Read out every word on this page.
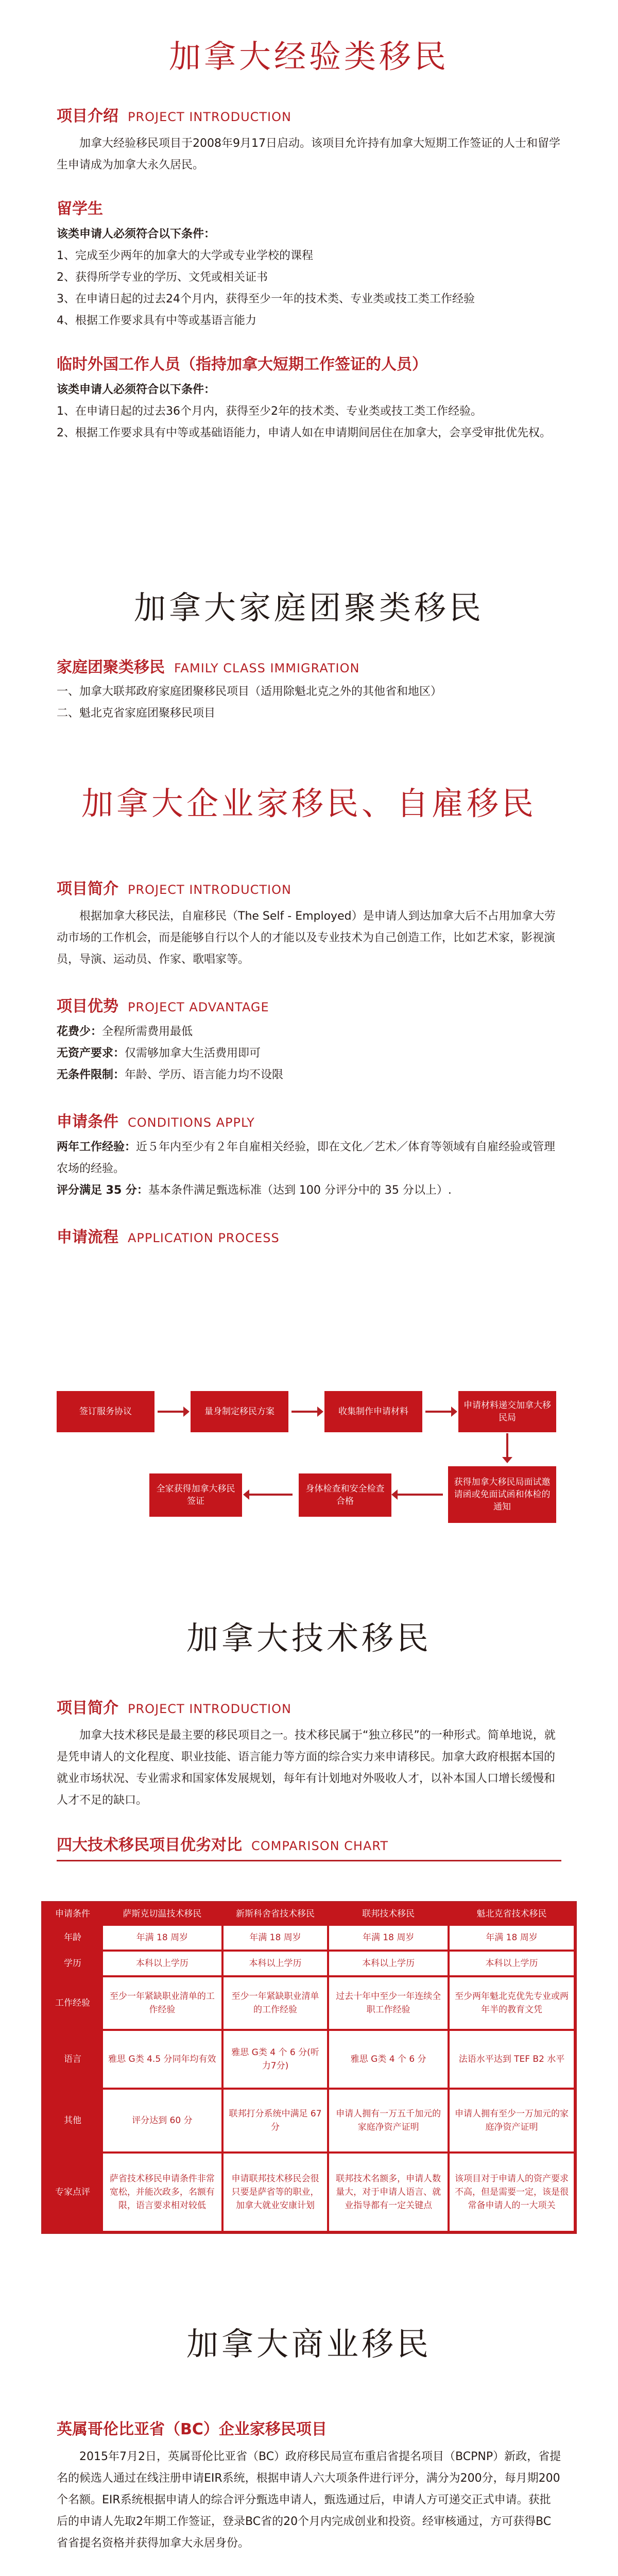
加拿大经验类移民
项目介绍 PROJECT INTRODUCTION
加拿大经验移民项目于2008年9月17日启动。该项目允许持有加拿大短期工作签证的人士和留学生申请成为加拿大永久居民。
留学生
该类申请人必须符合以下条件：
1、完成至少两年的加拿大的大学或专业学校的课程
2、获得所学专业的学历、文凭或相关证书
3、在申请日起的过去24个月内，获得至少一年的技术类、专业类或技工类工作经验
4、根据工作要求具有中等或基语言能力
临时外国工作人员（指持加拿大短期工作签证的人员）
该类申请人必须符合以下条件：
1、在申请日起的过去36个月内，获得至少2年的技术类、专业类或技工类工作经验。
2、根据工作要求具有中等或基础语能力，申请人如在申请期间居住在加拿大，会享受审批优先权。
加拿大家庭团聚类移民
家庭团聚类移民 FAMILY CLASS IMMIGRATION
一、加拿大联邦政府家庭团聚移民项目（适用除魁北克之外的其他省和地区）
二、魁北克省家庭团聚移民项目
加拿大企业家移民、自雇移民
项目简介 PROJECT INTRODUCTION
根据加拿大移民法，自雇移民（The Self - Employed）是申请人到达加拿大后不占用加拿大劳动市场的工作机会，而是能够自行以个人的才能以及专业技术为自己创造工作，比如艺术家，影视演员，导演、运动员、作家、歌唱家等。
项目优势 PROJECT ADVANTAGE
花费少：全程所需费用最低
无资产要求：仅需够加拿大生活费用即可
无条件限制：年龄、学历、语言能力均不设限
申请条件 CONDITIONS APPLY
两年工作经验：近５年内至少有２年自雇相关经验，即在文化／艺术／体育等领域有自雇经验或管理农场的经验。
评分满足 35 分：基本条件满足甄选标准（达到 100 分评分中的 35 分以上）.
申请流程 APPLICATION PROCESS
签订服务协议	量身制定移民方案	收集制作申请材料
申请材料递交加拿大移民局
获得加拿大移民局面试邀请函或免面试函和体检的通知
身体检查和安全检查合格
全家获得加拿大移民签证
加拿大技术移民
项目简介 PROJECT INTRODUCTION
加拿大技术移民是最主要的移民项目之一。技术移民属于“独立移民”的一种形式。简单地说，就是凭申请人的文化程度、职业技能、语言能力等方面的综合实力来申请移民。加拿大政府根据本国的就业市场状况、专业需求和国家体发展规划，每年有计划地对外吸收人才，以补本国人口增长缓慢和人才不足的缺口。
四大技术移民项目优劣对比 COMPARISON CHART
申请条件	萨斯克切温技术移民	新斯科舍省技术移民	联邦技术移民	魁北克省技术移民
年龄	年满 18 周岁	年满 18 周岁	年满 18 周岁	年满 18 周岁
学历	本科以上学历	本科以上学历	本科以上学历	本科以上学历
工作经验	至少一年紧缺职业清单的工作经验	至少一年紧缺职业清单的工作经验	过去十年中至少一年连续全职工作经验	至少两年魁北克优先专业或两年半的教育文凭
语言	雅思 G类 4.5 分同年均有效	雅思 G类 4 个 6 分(听力7分)	雅思 G类 4 个 6 分	法语水平达到 TEF B2 水平
其他	评分达到 60 分	联邦打分系统中满足 67 分	申请人拥有一万五千加元的家庭净资产证明	申请人拥有至少一万加元的家庭净资产证明
专家点评	萨省技术移民申请条件非常宽松，并能次政多，名额有限，语言要求相对较低	申请联邦技术移民会很只要是萨省等的职业，加拿大就业安康计划	联邦技术名额多，申请人数量大，对于申请人语言、就业指导都有一定关键点	该项目对于申请人的资产要求不高，但是需要一定，该是很常备申请人的一大项关
加拿大商业移民
英属哥伦比亚省（BC）企业家移民项目
2015年7月2日，英属哥伦比亚省（BC）政府移民局宣布重启省提名项目（BCPNP）新政，省提名的候选人通过在线注册申请EIR系统，根据申请人六大项条件进行评分，满分为200分，每月期200个名额。EIR系统根据申请人的综合评分甄选申请人，甄选通过后，申请人方可递交正式申请。获批后的申请人先取2年期工作签证，登录BC省的20个月内完成创业和投资。经审核通过，方可获得BC省省提名资格并获得加拿大永居身份。
